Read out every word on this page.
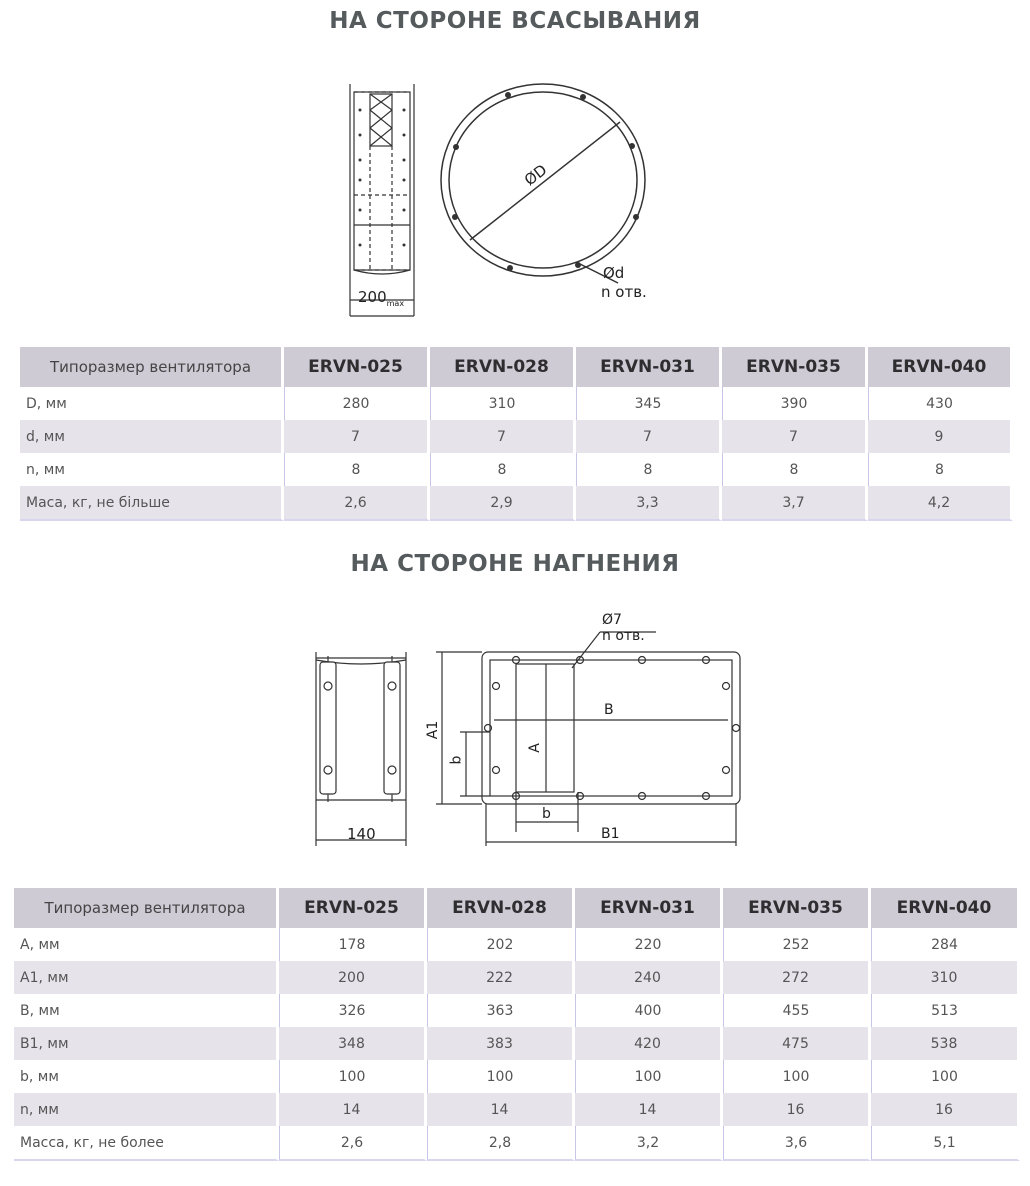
НА СТОРОНЕ ВСАСЫВАНИЯ
$200_{max}$
ØD
Ød
n отв.
Типоразмер вентилятора	ERVN-025	ERVN-028	ERVN-031	ERVN-035	ERVN-040
D, мм	280	310	345	390	430
d, мм	7	7	7	7	9
n, мм	8	8	8	8	8
Маса, кг, не більше	2,6	2,9	3,3	3,7	4,2
НА СТОРОНЕ НАГНЕНИЯ
140
Ø7
n отв.
A1
b
A
B
b
B1
Типоразмер вентилятора	ERVN-025	ERVN-028	ERVN-031	ERVN-035	ERVN-040
A, мм	178	202	220	252	284
A1, мм	200	222	240	272	310
B, мм	326	363	400	455	513
B1, мм	348	383	420	475	538
b, мм	100	100	100	100	100
n, мм	14	14	14	16	16
Масса, кг, не более	2,6	2,8	3,2	3,6	5,1
